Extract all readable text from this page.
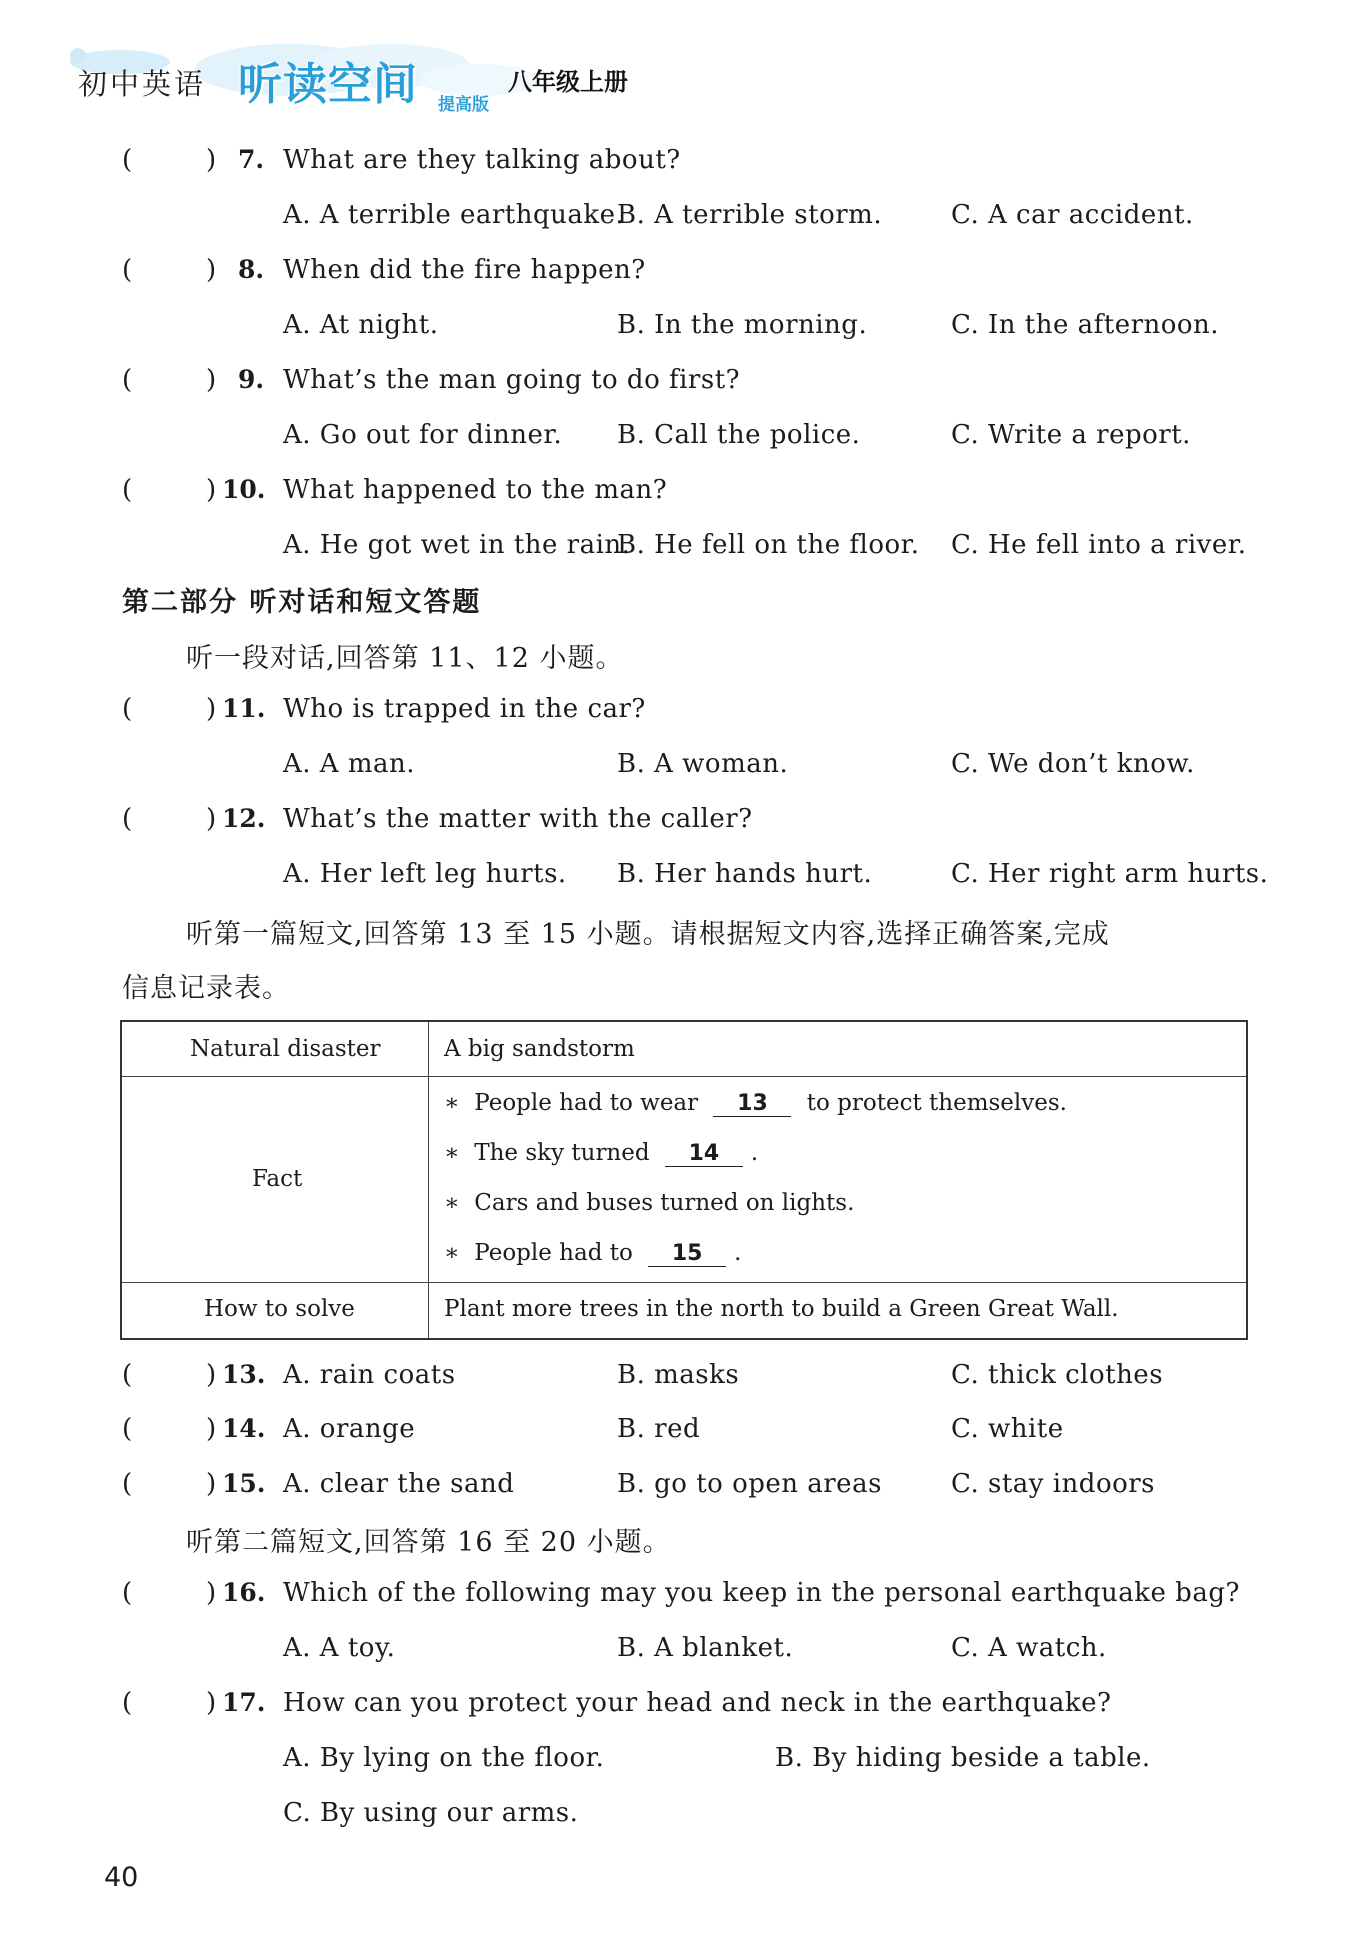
初中英语 听读空间 提高版
八年级上册
(	) 7. What are they talking about?
A. A terrible earthquake.
B. A terrible storm.	C. A car accident.
(	) 8. When did the fire happen?
A. At night.	B. In the morning.	C. In the afternoon.
(	) 9. What’s the man going to do first?
A. Go out for dinner. B. Call the police.	C. Write a report.
(	) 10. What happened to the man?
A. He got wet in the rain.
B. He fell on the floor. C. He fell into a river.
第二部分 听对话和短文答题
听一段对话,回答第 11、12 小题。
(	) 11. Who is trapped in the car?
A. A man.	B. A woman.	C. We don’t know.
(	) 12. What’s the matter with the caller?
A. Her left leg hurts. B. Her hands hurt.	C. Her right arm hurts.
听第一篇短文,回答第 13 至 15 小题。请根据短文内容,选择正确答案,完成
信息记录表。
Natural disaster	A big sandstorm
Fact
∗ People had to wear 13 to protect themselves.
∗ The sky turned 14 .
∗ Cars and buses turned on lights.
∗ People had to 15 .
How to solve	Plant more trees in the north to build a Green Great Wall.
(	) 13. A. rain coats	B. masks	C. thick clothes
(	) 14. A. orange	B. red	C. white
(	) 15. A. clear the sand	B. go to open areas	C. stay indoors
听第二篇短文,回答第 16 至 20 小题。
(	) 16. Which of the following may you keep in the personal earthquake bag?
A. A toy.	B. A blanket.	C. A watch.
(	) 17. How can you protect your head and neck in the earthquake?
A. By lying on the floor.	B. By hiding beside a table.
C. By using our arms.
40
